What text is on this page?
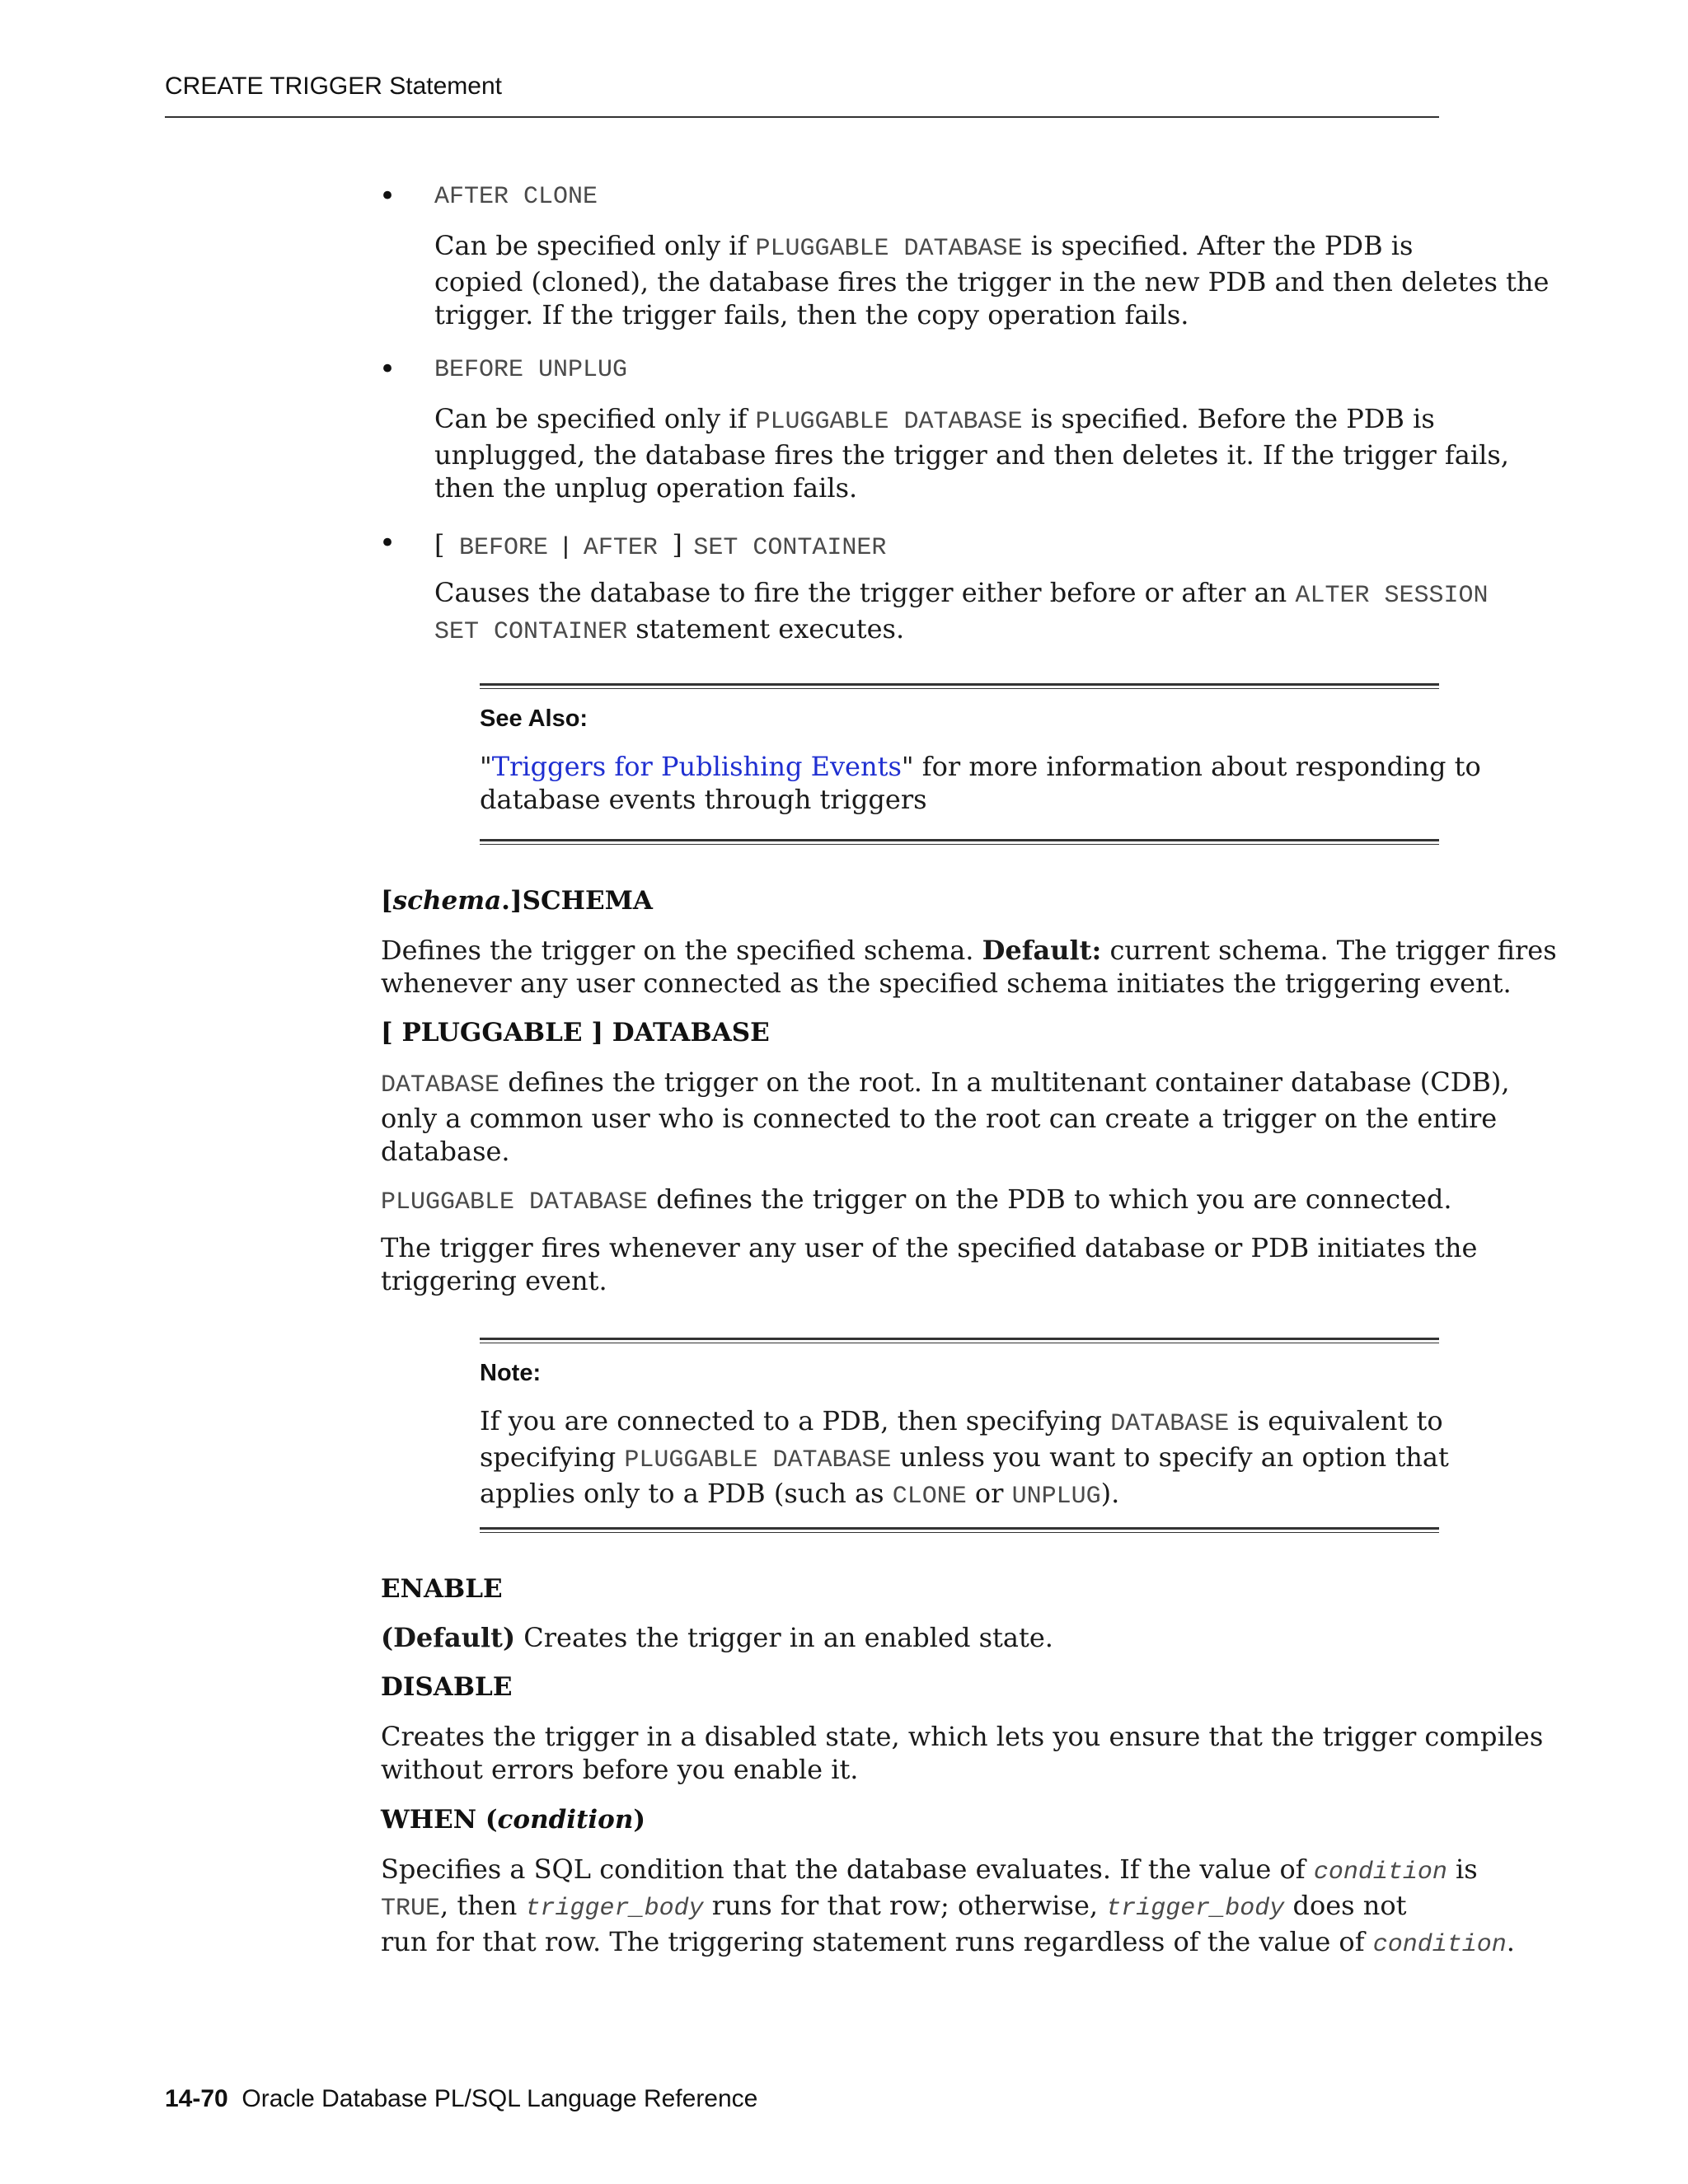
CREATE TRIGGER Statement
• AFTER CLONE
Can be specified only if PLUGGABLE DATABASE is specified. After the PDB is
copied (cloned), the database fires the trigger in the new PDB and then deletes the
trigger. If the trigger fails, then the copy operation fails.
• BEFORE UNPLUG
Can be specified only if PLUGGABLE DATABASE is specified. Before the PDB is
unplugged, the database fires the trigger and then deletes it. If the trigger fails,
then the unplug operation fails.
• [ BEFORE | AFTER ] SET CONTAINER
Causes the database to fire the trigger either before or after an ALTER SESSION
SET CONTAINER statement executes.
See Also:
"Triggers for Publishing Events" for more information about responding to
database events through triggers
[schema.]SCHEMA
Defines the trigger on the specified schema. Default: current schema. The trigger fires
whenever any user connected as the specified schema initiates the triggering event.
[ PLUGGABLE ] DATABASE
DATABASE defines the trigger on the root. In a multitenant container database (CDB),
only a common user who is connected to the root can create a trigger on the entire
database.
PLUGGABLE DATABASE defines the trigger on the PDB to which you are connected.
The trigger fires whenever any user of the specified database or PDB initiates the
triggering event.
Note:
If you are connected to a PDB, then specifying DATABASE is equivalent to
specifying PLUGGABLE DATABASE unless you want to specify an option that
applies only to a PDB (such as CLONE or UNPLUG).
ENABLE
(Default) Creates the trigger in an enabled state.
DISABLE
Creates the trigger in a disabled state, which lets you ensure that the trigger compiles
without errors before you enable it.
WHEN (condition)
Specifies a SQL condition that the database evaluates. If the value of condition is
TRUE, then trigger_body runs for that row; otherwise, trigger_body does not
run for that row. The triggering statement runs regardless of the value of condition.
14-70 Oracle Database PL/SQL Language Reference
